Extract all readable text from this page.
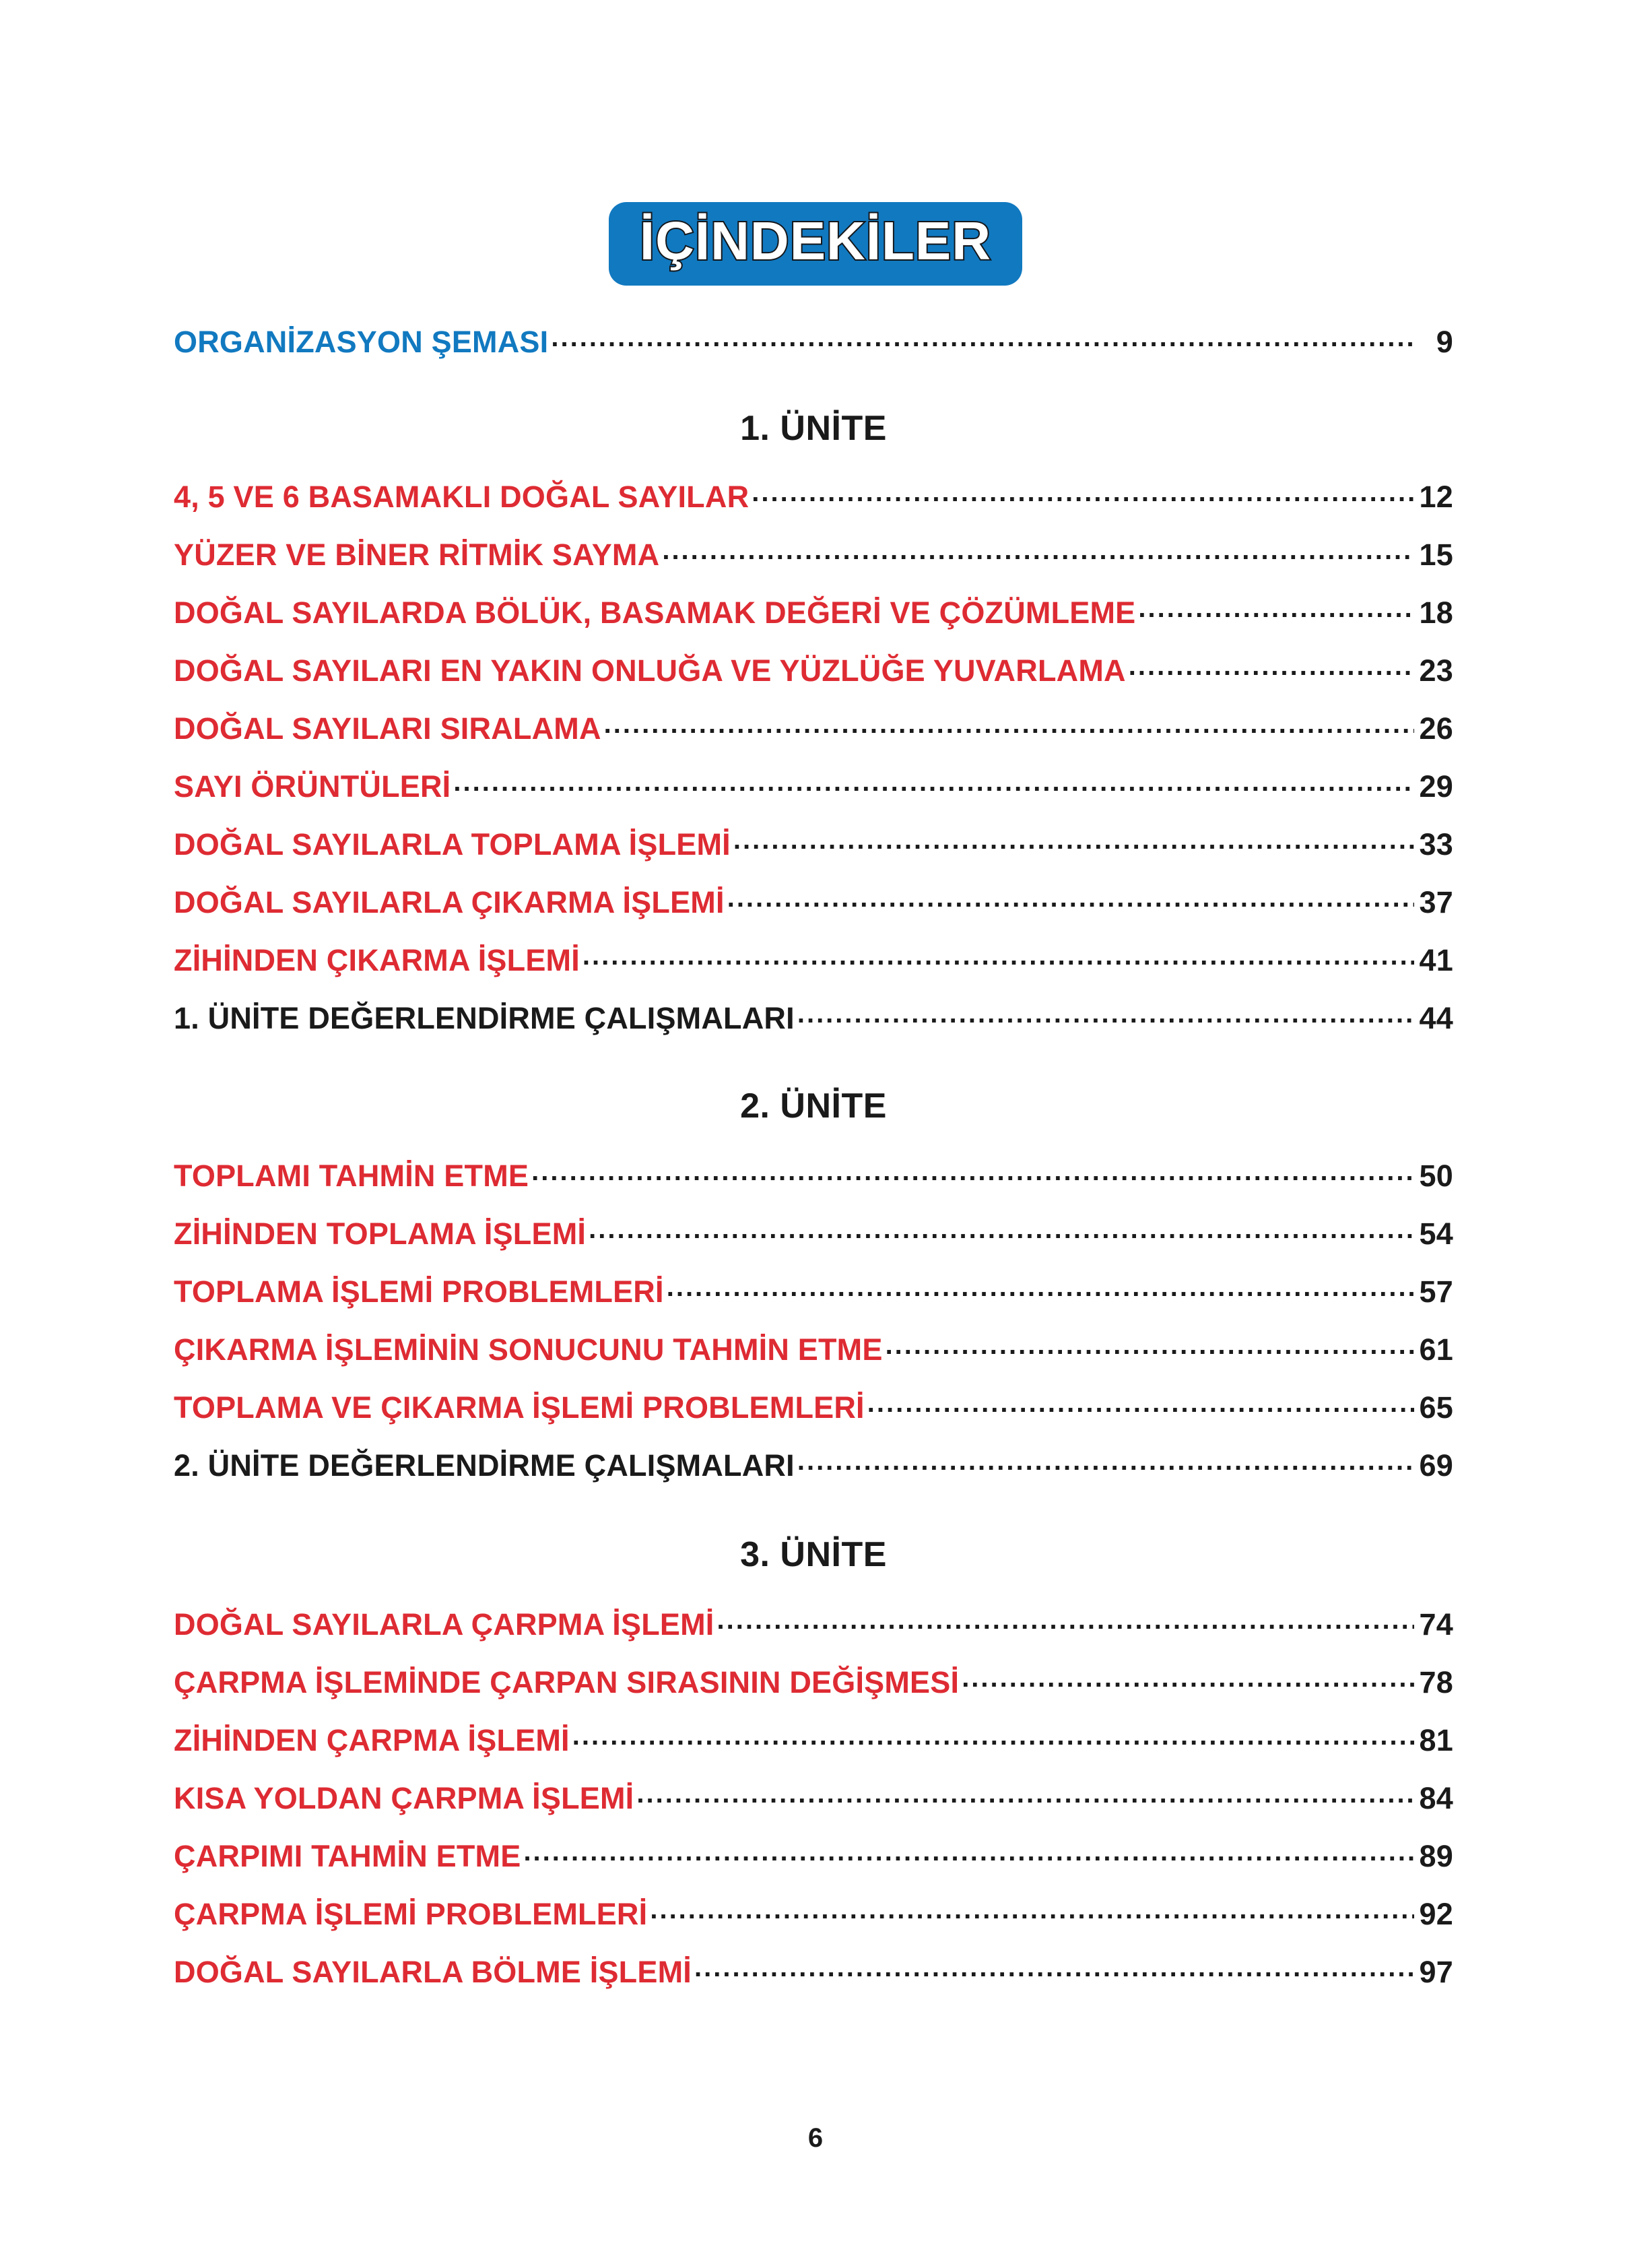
İÇİNDEKİLER
ORGANİZASYON ŞEMASI .....	9
1. ÜNİTE
4, 5 VE 6 BASAMAKLI DOĞAL SAYILAR .....	12
YÜZER VE BİNER RİTMİK SAYMA .....	15
DOĞAL SAYILARDA BÖLÜK, BASAMAK DEĞERİ VE ÇÖZÜMLEME .....	18
DOĞAL SAYILARI EN YAKIN ONLUĞA VE YÜZLÜĞE YUVARLAMA .....	23
DOĞAL SAYILARI SIRALAMA .....	26
SAYI ÖRÜNTÜLERİ .....	29
DOĞAL SAYILARLA TOPLAMA İŞLEMİ .....	33
DOĞAL SAYILARLA ÇIKARMA İŞLEMİ .....	37
ZİHİNDEN ÇIKARMA İŞLEMİ .....	41
1. ÜNİTE DEĞERLENDİRME ÇALIŞMALARI .....	44
2. ÜNİTE
TOPLAMI TAHMİN ETME .....	50
ZİHİNDEN TOPLAMA İŞLEMİ .....	54
TOPLAMA İŞLEMİ PROBLEMLERİ .....	57
ÇIKARMA İŞLEMİNİN SONUCUNU TAHMİN ETME .....	61
TOPLAMA VE ÇIKARMA İŞLEMİ PROBLEMLERİ .....	65
2. ÜNİTE DEĞERLENDİRME ÇALIŞMALARI .....	69
3. ÜNİTE
DOĞAL SAYILARLA ÇARPMA İŞLEMİ .....	74
ÇARPMA İŞLEMİNDE ÇARPAN SIRASININ DEĞİŞMESİ .....	78
ZİHİNDEN ÇARPMA İŞLEMİ .....	81
KISA YOLDAN ÇARPMA İŞLEMİ .....	84
ÇARPIMI TAHMİN ETME .....	89
ÇARPMA İŞLEMİ PROBLEMLERİ .....	92
DOĞAL SAYILARLA BÖLME İŞLEMİ .....	97
6
